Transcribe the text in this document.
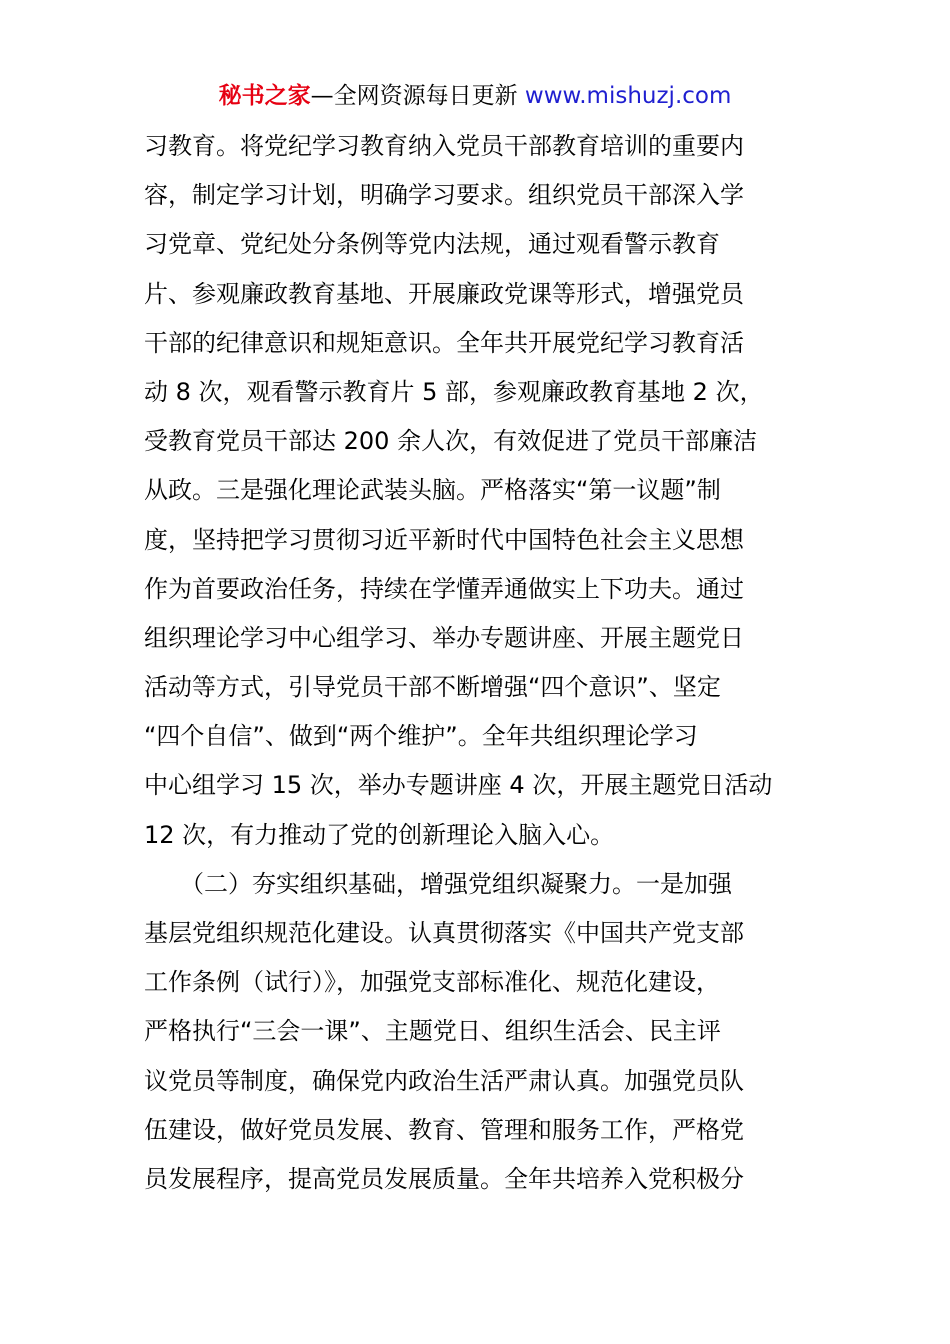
秘书之家—全网资源每日更新 www.mishuzj.com
习教育。将党纪学习教育纳入党员干部教育培训的重要内
容，制定学习计划，明确学习要求。组织党员干部深入学
习党章、党纪处分条例等党内法规，通过观看警示教育
片、参观廉政教育基地、开展廉政党课等形式，增强党员
干部的纪律意识和规矩意识。全年共开展党纪学习教育活
动 8 次，观看警示教育片 5 部，参观廉政教育基地 2 次，
受教育党员干部达 200 余人次，有效促进了党员干部廉洁
从政。三是强化理论武装头脑。严格落实“第一议题”制
度，坚持把学习贯彻习近平新时代中国特色社会主义思想
作为首要政治任务，持续在学懂弄通做实上下功夫。通过
组织理论学习中心组学习、举办专题讲座、开展主题党日
活动等方式，引导党员干部不断增强“四个意识”、坚定
“四个自信”、做到“两个维护”。全年共组织理论学习
中心组学习 15 次，举办专题讲座 4 次，开展主题党日活动
12 次，有力推动了党的创新理论入脑入心。
（二）夯实组织基础，增强党组织凝聚力。一是加强
基层党组织规范化建设。认真贯彻落实《中国共产党支部
工作条例（试行）》，加强党支部标准化、规范化建设，
严格执行“三会一课”、主题党日、组织生活会、民主评
议党员等制度，确保党内政治生活严肃认真。加强党员队
伍建设，做好党员发展、教育、管理和服务工作，严格党
员发展程序，提高党员发展质量。全年共培养入党积极分
